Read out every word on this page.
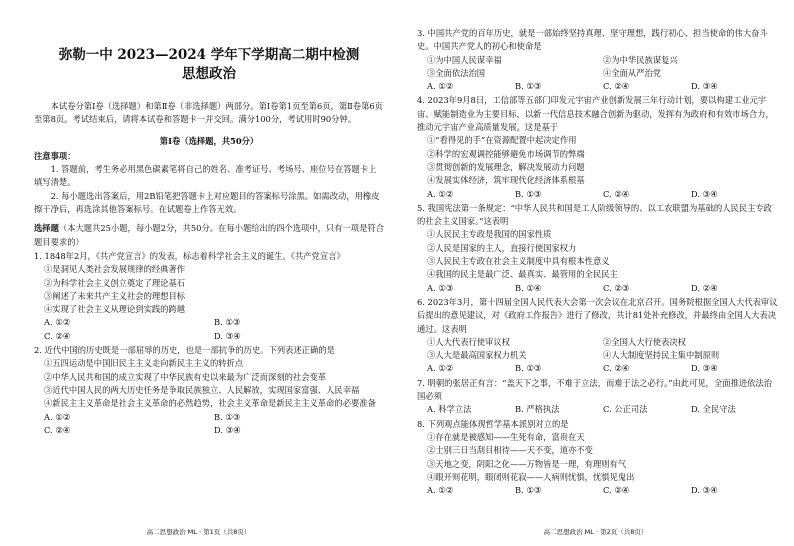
弥勒一中 2023—2024 学年下学期高二期中检测
思想政治
本试卷分第Ⅰ卷（选择题）和第Ⅱ卷（非选择题）两部分。第Ⅰ卷第1页至第6页，第Ⅱ卷第6页至第8页。考试结束后，请将本试卷和答题卡一并交回。满分100分，考试用时90分钟。
第Ⅰ卷（选择题，共50分）
注意事项：
1. 答题前，考生务必用黑色碳素笔将自己的姓名、准考证号、考场号、座位号在答题卡上填写清楚。
2. 每小题选出答案后，用2B铅笔把答题卡上对应题目的答案标号涂黑。如需改动，用橡皮擦干净后，再选涂其他答案标号。在试题卷上作答无效。
选择题（本大题共25小题，每小题2分，共50分。在每小题给出的四个选项中，只有一项是符合题目要求的）
1. 1848年2月，《共产党宣言》的发表，标志着科学社会主义的诞生。《共产党宣言》
①是洞见人类社会发展规律的经典著作
②为科学社会主义创立奠定了理论基石
③阐述了未来共产主义社会的理想目标
④实现了社会主义从理论到实践的跨越
A. ①②	B. ①③
C. ②④	D. ③④
2. 近代中国的历史既是一部屈辱的历史，也是一部抗争的历史。下列表述正确的是
①五四运动是中国旧民主主义走向新民主主义的转折点
②中华人民共和国的成立实现了中华民族有史以来最为广泛而深刻的社会变革
③近代中国人民的两大历史任务是争取民族独立、人民解放，实现国家富强、人民幸福
④新民主主义革命是社会主义革命的必然趋势，社会主义革命是新民主主义革命的必要准备
A. ①②	B. ①③
C. ②④	D. ③④
高二思想政治 ML · 第1页（共8页）
3. 中国共产党的百年历史，就是一部始终坚持真理、坚守理想，践行初心、担当使命的伟大奋斗史。中国共产党人的初心和使命是
①为中国人民谋幸福	②为中华民族谋复兴
③全面依法治国	④全面从严治党
A. ①②	B. ①③	C. ②④	D. ③④
4. 2023年9月8日，工信部等五部门印发元宇宙产业创新发展三年行动计划，要以构建工业元宇宙、赋能制造业为主要目标，以新一代信息技术融合创新为驱动，发挥有为政府和有效市场合力，推动元宇宙产业高质量发展。这是基于
①“看得见的手”在资源配置中起决定作用
②科学的宏观调控能够避免市场调节的弊端
③贯彻创新的发展理念，解决发展动力问题
④发展实体经济，筑牢现代化经济体系根基
A. ①②	B. ①③	C. ②④	D. ③④
5. 我国宪法第一条规定：“中华人民共和国是工人阶级领导的、以工农联盟为基础的人民民主专政的社会主义国家。”这表明
①人民民主专政是我国的国家性质
②人民是国家的主人，直接行使国家权力
③人民民主专政在社会主义制度中具有根本性意义
④我国的民主是最广泛、最真实、最管用的全民民主
A. ①③	B. ①④	C. ②③	D. ②④
6. 2023年3月，第十四届全国人民代表大会第一次会议在北京召开。国务院根据全国人大代表审议后提出的意见建议，对《政府工作报告》进行了修改，共计81处补充修改，并最终由全国人大表决通过。这表明
①人大代表行使审议权	②全国人大行使表决权
③人大是最高国家权力机关	④人大制度坚持民主集中制原则
A. ①②	B. ①③	C. ②④	D. ③④
7. 明朝的张居正有言：“盖天下之事，不难于立法，而难于法之必行。”由此可见，全面推进依法治国必须
A. 科学立法	B. 严格执法	C. 公正司法	D. 全民守法
8. 下列观点能体现哲学基本派别对立的是
①存在就是被感知——生死有命，富贵在天
②士别三日当刮目相待——天不变，道亦不变
③天地之变，阴阳之化——万物皆是一理，有理则有气
④眼开则花明，眼闭则花寂——人病则忧惧，忧惧见鬼出
A. ①②	B. ①③	C. ②④	D. ③④
高二思想政治 ML · 第2页（共8页）
